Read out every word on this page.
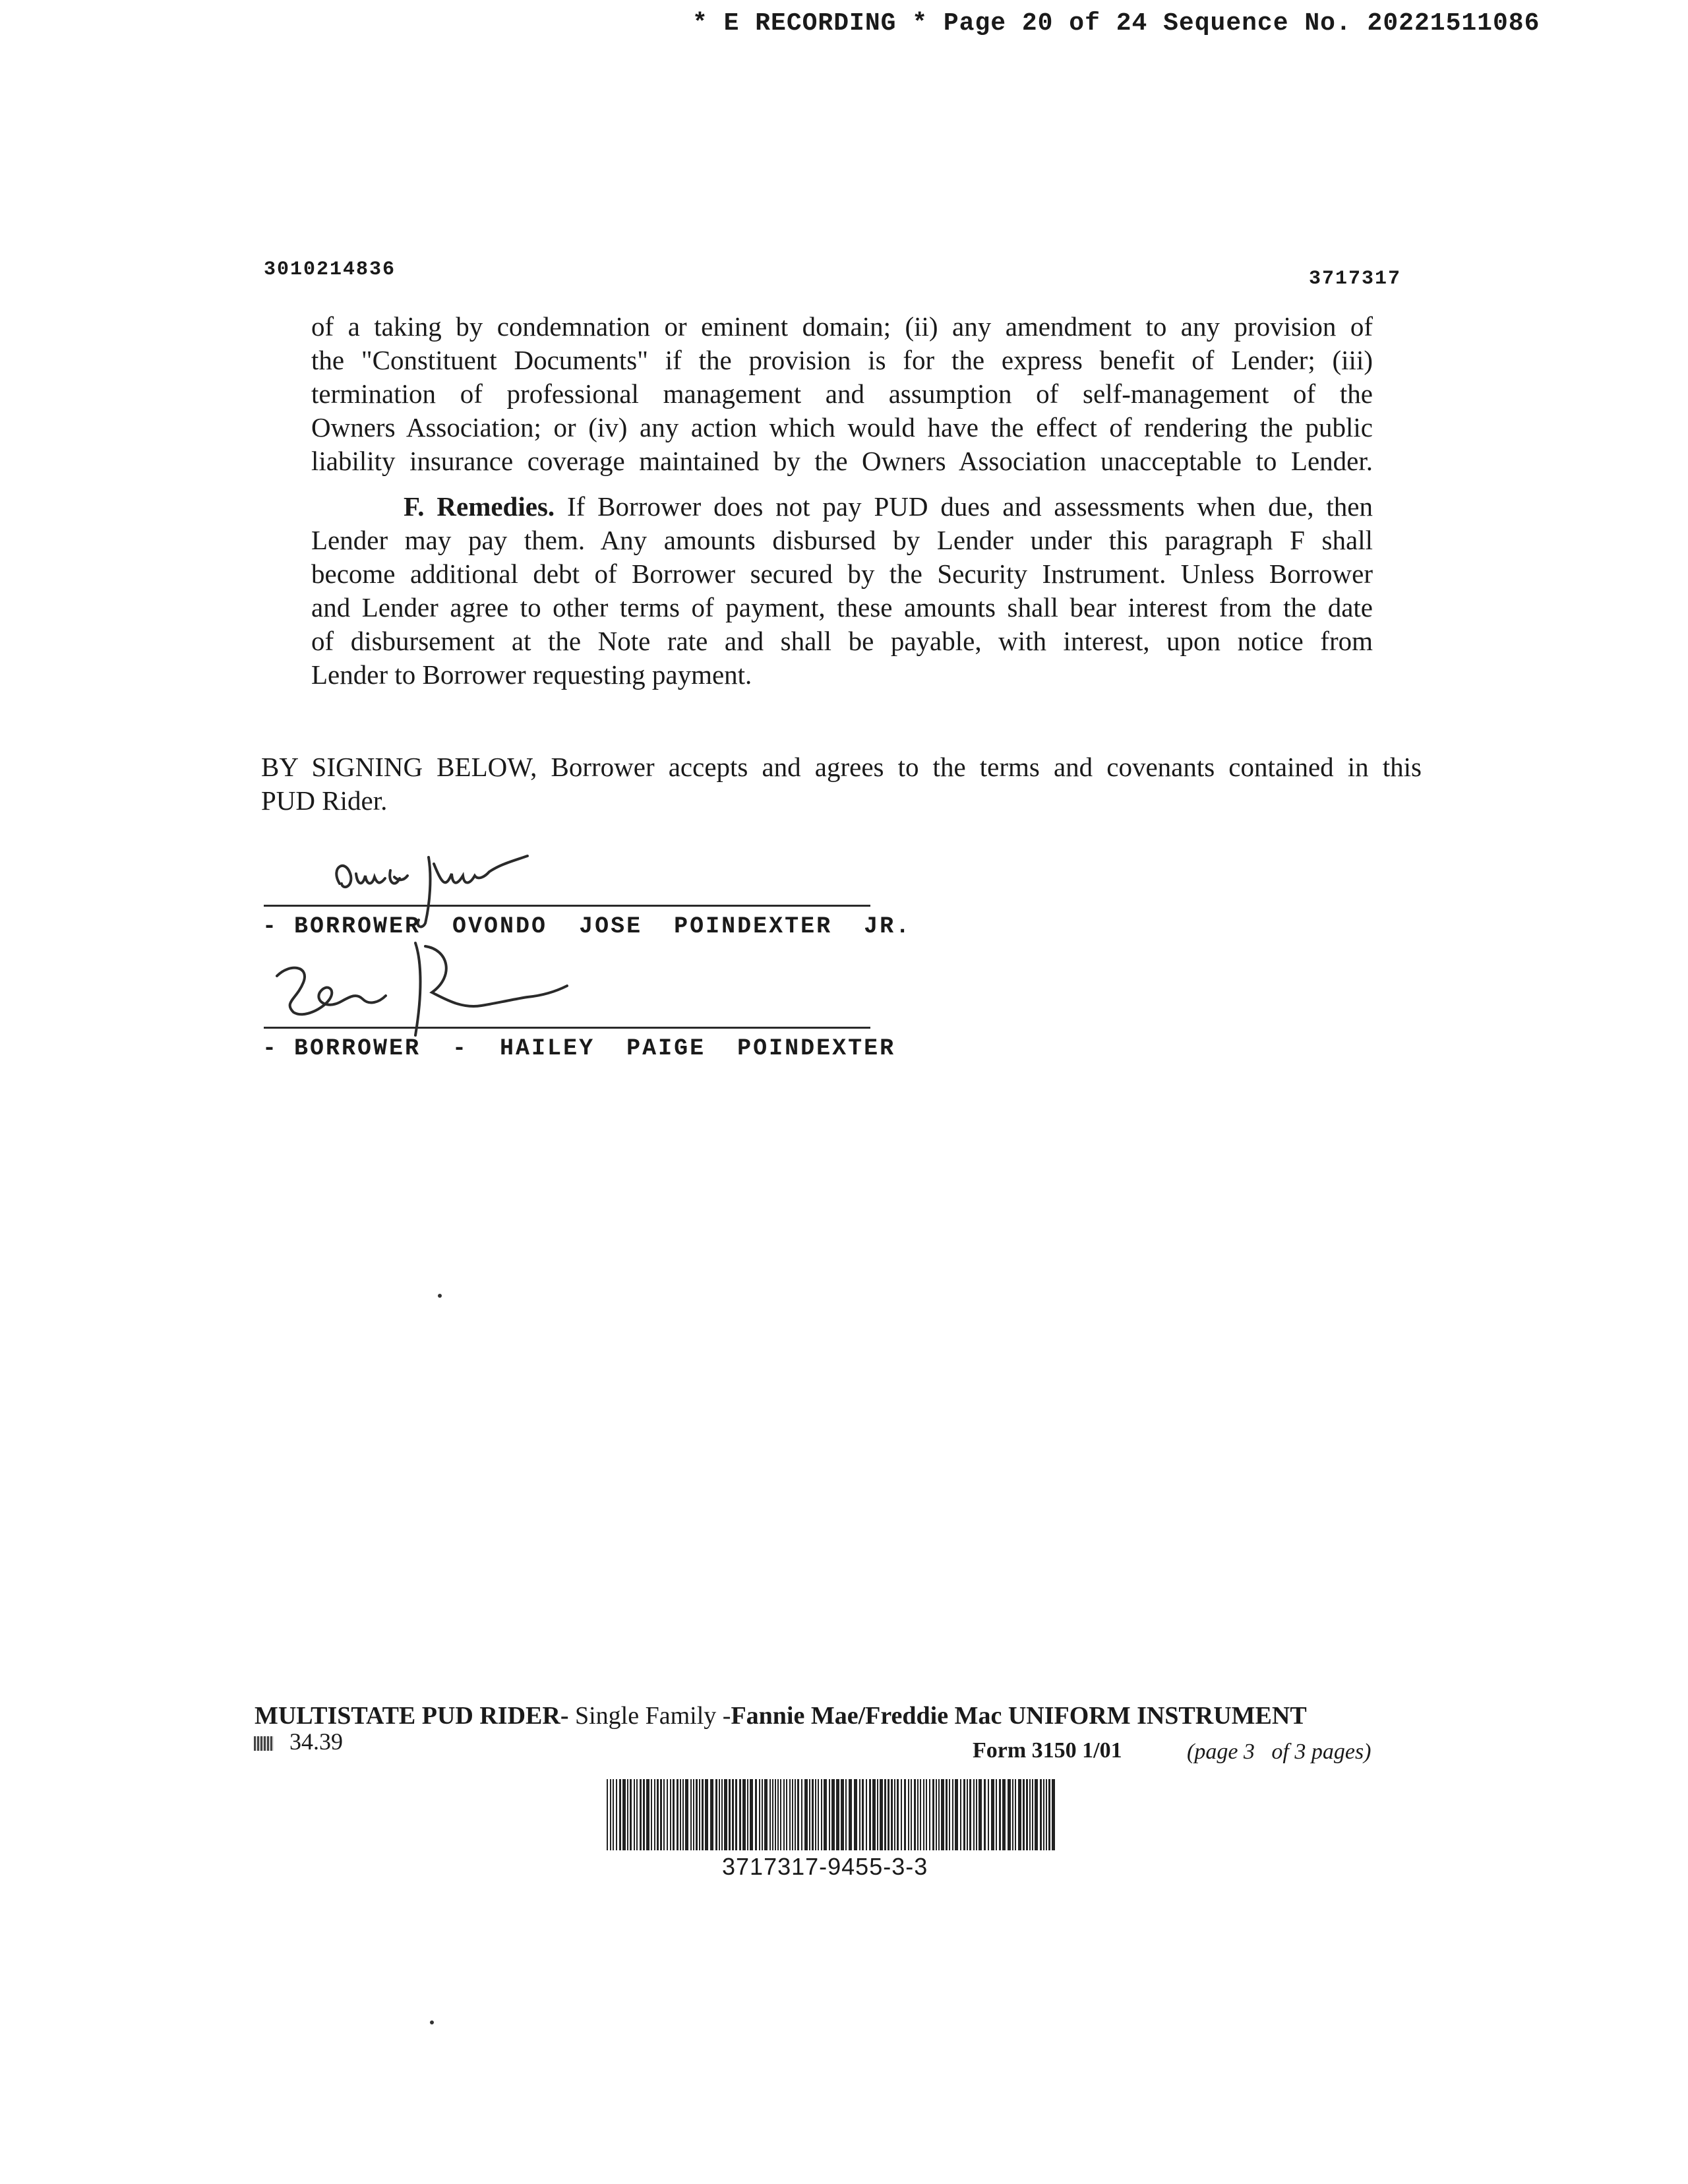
* E RECORDING * Page 20 of 24 Sequence No. 20221511086
3010214836	3717317
of a taking by condemnation or eminent domain; (ii) any amendment to any provision of
the "Constituent Documents" if the provision is for the express benefit of Lender; (iii)
termination of professional management and assumption of self-management of the
Owners Association; or (iv) any action which would have the effect of rendering the public
liability insurance coverage maintained by the Owners Association unacceptable to Lender.
F. Remedies. If Borrower does not pay PUD dues and assessments when due, then
Lender may pay them. Any amounts disbursed by Lender under this paragraph F shall
become additional debt of Borrower secured by the Security Instrument. Unless Borrower
and Lender agree to other terms of payment, these amounts shall bear interest from the date
of disbursement at the Note rate and shall be payable, with interest, upon notice from
Lender to Borrower requesting payment.
BY SIGNING BELOW, Borrower accepts and agrees to the terms and covenants contained in this
PUD Rider.
- BORROWER  OVONDO  JOSE  POINDEXTER  JR.
- BORROWER  -  HAILEY  PAIGE  POINDEXTER
MULTISTATE PUD RIDER- Single Family -Fannie Mae/Freddie Mac UNIFORM INSTRUMENT
34.39	Form 3150 1/01	(page 3   of 3 pages)
3717317-9455-3-3
